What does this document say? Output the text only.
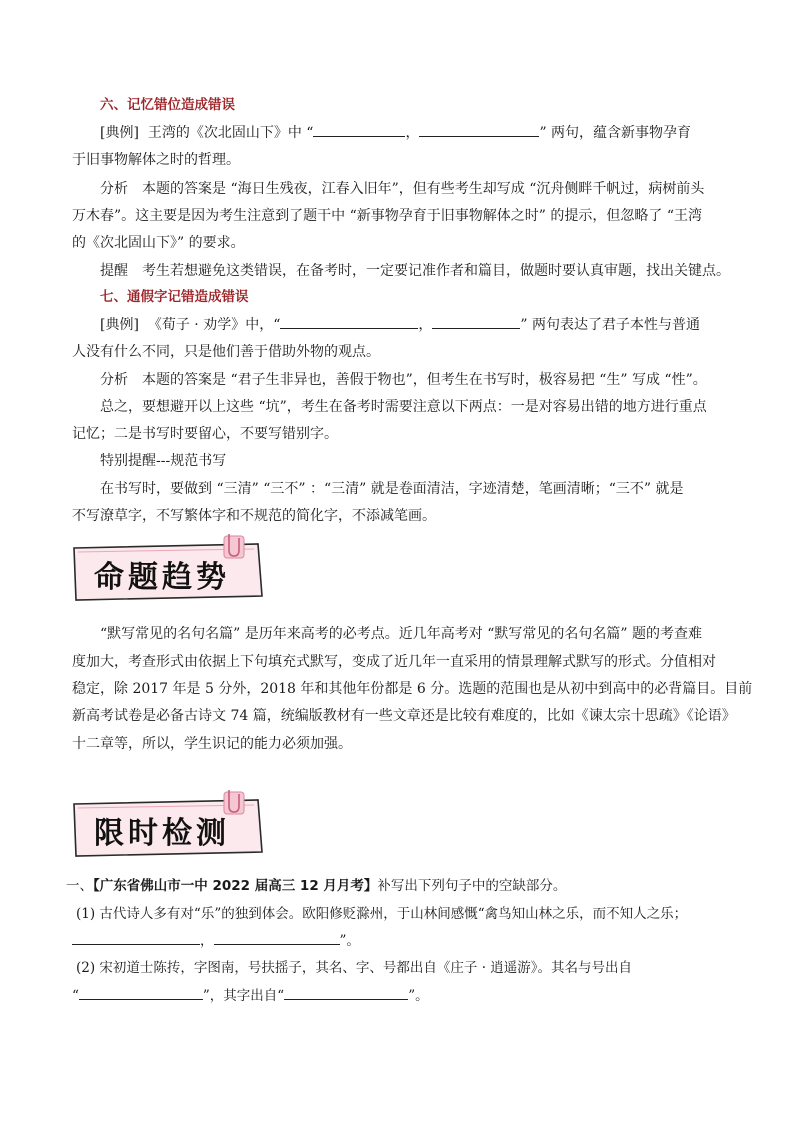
六、记忆错位造成错误
[典例] 王湾的《次北固山下》中 “	，	” 两句，蕴含新事物孕育
于旧事物解体之时的哲理。
分析　本题的答案是 “海日生残夜，江春入旧年”，但有些考生却写成 “沉舟侧畔千帆过，病树前头
万木春”。这主要是因为考生注意到了题干中 “新事物孕育于旧事物解体之时” 的提示，但忽略了 “王湾
的《次北固山下》” 的要求。
提醒　考生若想避免这类错误，在备考时，一定要记准作者和篇目，做题时要认真审题，找出关键点。
七、通假字记错造成错误
[典例] 《荀子 · 劝学》中，“	，	” 两句表达了君子本性与普通
人没有什么不同，只是他们善于借助外物的观点。
分析　本题的答案是 “君子生非异也，善假于物也”，但考生在书写时，极容易把 “生” 写成 “性”。
总之，要想避开以上这些 “坑”，考生在备考时需要注意以下两点：一是对容易出错的地方进行重点
记忆；二是书写时要留心，不要写错别字。
特别提醒---规范书写
在书写时，要做到 “三清” “三不” ：“三清” 就是卷面清洁，字迹清楚，笔画清晰；“三不” 就是
不写潦草字，不写繁体字和不规范的简化字，不添减笔画。
命题趋势
“默写常见的名句名篇” 是历年来高考的必考点。近几年高考对 “默写常见的名句名篇” 题的考查难
度加大，考查形式由依据上下句填充式默写，变成了近几年一直采用的情景理解式默写的形式。分值相对
稳定，除 2017 年是 5 分外，2018 年和其他年份都是 6 分。选题的范围也是从初中到高中的必背篇目。目前
新高考试卷是必备古诗文 74 篇，统编版教材有一些文章还是比较有难度的，比如《谏太宗十思疏》《论语》
十二章等，所以，学生识记的能力必须加强。
限时检测
一、【广东省佛山市一中 2022 届高三 12 月月考】补写出下列句子中的空缺部分。
(1) 古代诗人多有对“乐”的独到体会。欧阳修贬滁州，于山林间感慨“禽鸟知山林之乐，而不知人之乐；
，	”。
(2) 宋初道士陈抟，字图南，号扶摇子，其名、字、号都出自《庄子 · 逍遥游》。其名与号出自
“	”，其字出自“	”。
